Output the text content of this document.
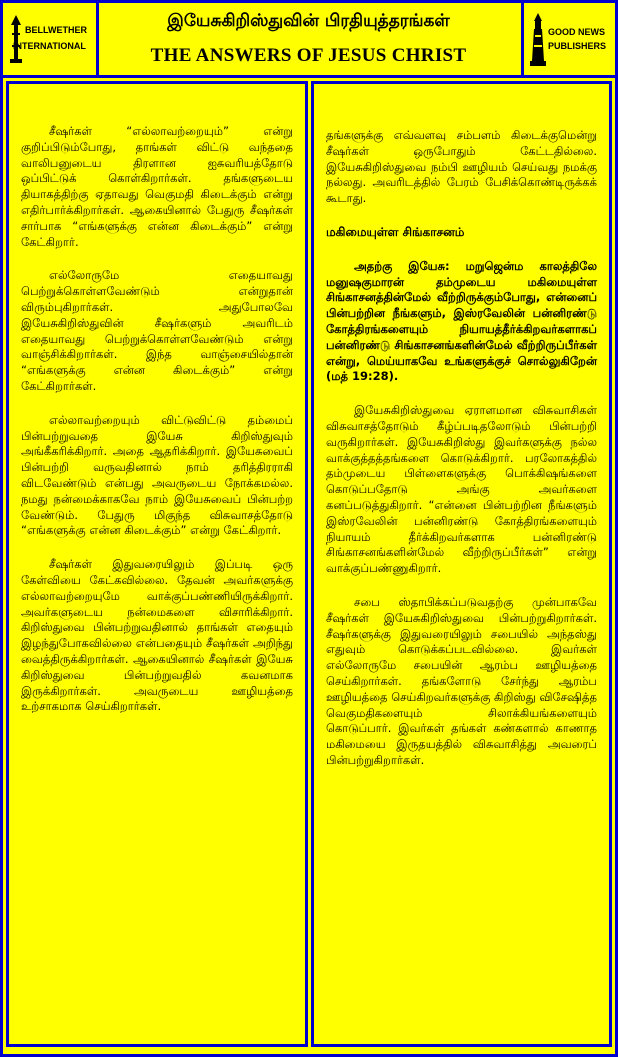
BELLWETHER
INTERNATIONAL
இயேசுகிறிஸ்துவின் பிரதியுத்தரங்கள்
THE ANSWERS OF JESUS CHRIST
GOOD NEWS
PUBLISHERS

சீஷர்கள் “எல்லாவற்றையும்” என்று குறிப்பிடும்போது, தாங்கள் விட்டு வந்ததை வாலிபனுடைய திரளான ஐசுவரியத்தோடு ஒப்பிட்டுக் கொள்கிறார்கள். தங்களுடைய தியாகத்திற்கு ஏதாவது வெகுமதி கிடைக்கும் என்று எதிர்பார்க்கிறார்கள். ஆகையினால் பேதுரு சீஷர்கள் சார்பாக “எங்களுக்கு என்ன கிடைக்கும்” என்று கேட்கிறார்.

எல்லோருமே எதையாவது பெற்றுக்கொள்ளவேண்டும் என்றுதான் விரும்புகிறார்கள். அதுபோலவே இயேசுகிறிஸ்துவின் சீஷர்களும் அவரிடம் எதையாவது பெற்றுக்கொள்ளவேண்டும் என்று வாஞ்சிக்கிறார்கள். இந்த வாஞ்சையில்தான் “எங்களுக்கு என்ன கிடைக்கும்” என்று கேட்கிறார்கள்.

எல்லாவற்றையும் விட்டுவிட்டு தம்மைப் பின்பற்றுவதை இயேசு கிறிஸ்துவும் அங்கீகரிக்கிறார். அதை ஆதரிக்கிறார். இயேசுவைப் பின்பற்றி வருவதினால் நாம் தரித்திரராகி விடவேண்டும் என்பது அவருடைய நோக்கமல்ல. நமது நன்மைக்காகவே நாம் இயேசுவைப் பின்பற்ற வேண்டும். பேதுரு மிகுந்த விசுவாசத்தோடு “எங்களுக்கு என்ன கிடைக்கும்” என்று கேட்கிறார்.

சீஷர்கள் இதுவரையிலும் இப்படி ஒரு கேள்வியை கேட்கவில்லை. தேவன் அவர்களுக்கு எல்லாவற்றையுமே வாக்குப்பண்ணியிருக்கிறார். அவர்களுடைய நன்மைகளை விசாரிக்கிறார். கிறிஸ்துவை பின்பற்றுவதினால் தாங்கள் எதையும் இழந்துபோகவில்லை என்பதையும் சீஷர்கள் அறிந்து வைத்திருக்கிறார்கள். ஆகையினால் சீஷர்கள் இயேசு கிறிஸ்துவை பின்பற்றுவதில் கவனமாக இருக்கிறார்கள். அவருடைய ஊழியத்தை உற்சாகமாக செய்கிறார்கள்.

தங்களுக்கு எவ்வளவு சம்பளம் கிடைக்குமென்று சீஷர்கள் ஒருபோதும் கேட்டதில்லை. இயேசுகிறிஸ்துவை நம்பி ஊழியம் செய்வது நமக்கு நல்லது. அவரிடத்தில் பேரம் பேசிக்கொண்டிருக்கக் கூடாது.

மகிமையுள்ள சிங்காசனம்

அதற்கு இயேசு: மறுஜென்ம காலத்திலே மனுஷகுமாரன் தம்முடைய மகிமையுள்ள சிங்காசனத்தின்மேல் வீற்றிருக்கும்போது, என்னைப் பின்பற்றின நீங்களும், இஸ்ரவேலின் பன்னிரண்டு கோத்திரங்களையும் நியாயத்தீர்க்கிறவர்களாகப் பன்னிரண்டு சிங்காசனங்களின்மேல் வீற்றிருப்பீர்கள் என்று, மெய்யாகவே உங்களுக்குச் சொல்லுகிறேன் (மத் 19:28).

இயேசுகிறிஸ்துவை ஏராளமான விசுவாசிகள் விசுவாசத்தோடும் கீழ்ப்படிதலோடும் பின்பற்றி வருகிறார்கள். இயேசுகிறிஸ்து இவர்களுக்கு நல்ல வாக்குத்தத்தங்களை கொடுக்கிறார். பரலோகத்தில் தம்முடைய பிள்ளைகளுக்கு பொக்கிஷங்களை கொடுப்பதோடு அங்கு அவர்களை கனப்படுத்துகிறார். “என்னை பின்பற்றின நீங்களும் இஸ்ரவேலின் பன்னிரண்டு கோத்திரங்களையும் நியாயம் தீர்க்கிறவர்களாக பன்னிரண்டு சிங்காசனங்களின்மேல் வீற்றிருப்பீர்கள்” என்று வாக்குப்பண்ணுகிறார்.

சபை ஸ்தாபிக்கப்படுவதற்கு முன்பாகவே சீஷர்கள் இயேசுகிறிஸ்துவை பின்பற்றுகிறார்கள். சீஷர்களுக்கு இதுவரையிலும் சபையில் அந்தஸ்து எதுவும் கொடுக்கப்படவில்லை. இவர்கள் எல்லோருமே சபையின் ஆரம்ப ஊழியத்தை செய்கிறார்கள். தங்களோடு சேர்ந்து ஆரம்ப ஊழியத்தை செய்கிறவர்களுக்கு கிறிஸ்து விசேஷித்த வெகுமதிகளையும் சிலாக்கியங்களையும் கொடுப்பார். இவர்கள் தங்கள் கண்களால் காணாத மகிமையை இருதயத்தில் விசுவாசித்து அவரைப் பின்பற்றுகிறார்கள்.
